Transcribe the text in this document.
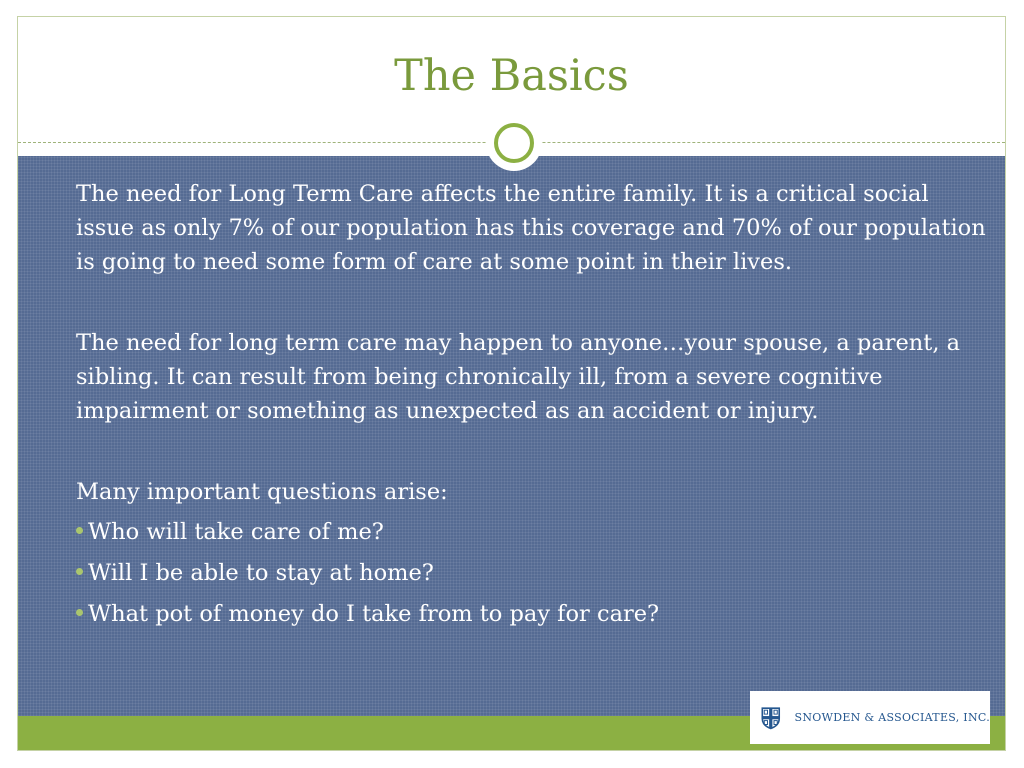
The Basics

The need for Long Term Care affects the entire family. It is a critical social issue as only 7% of our population has this coverage and 70% of our population is going to need some form of care at some point in their lives.

The need for long term care may happen to anyone…your spouse, a parent, a sibling. It can result from being chronically ill, from a severe cognitive impairment or something as unexpected as an accident or injury.

Many important questions arise:

Who will take care of me?
Will I be able to stay at home?
What pot of money do I take from to pay for care?
SNOWDEN & ASSOCIATES, INC.
